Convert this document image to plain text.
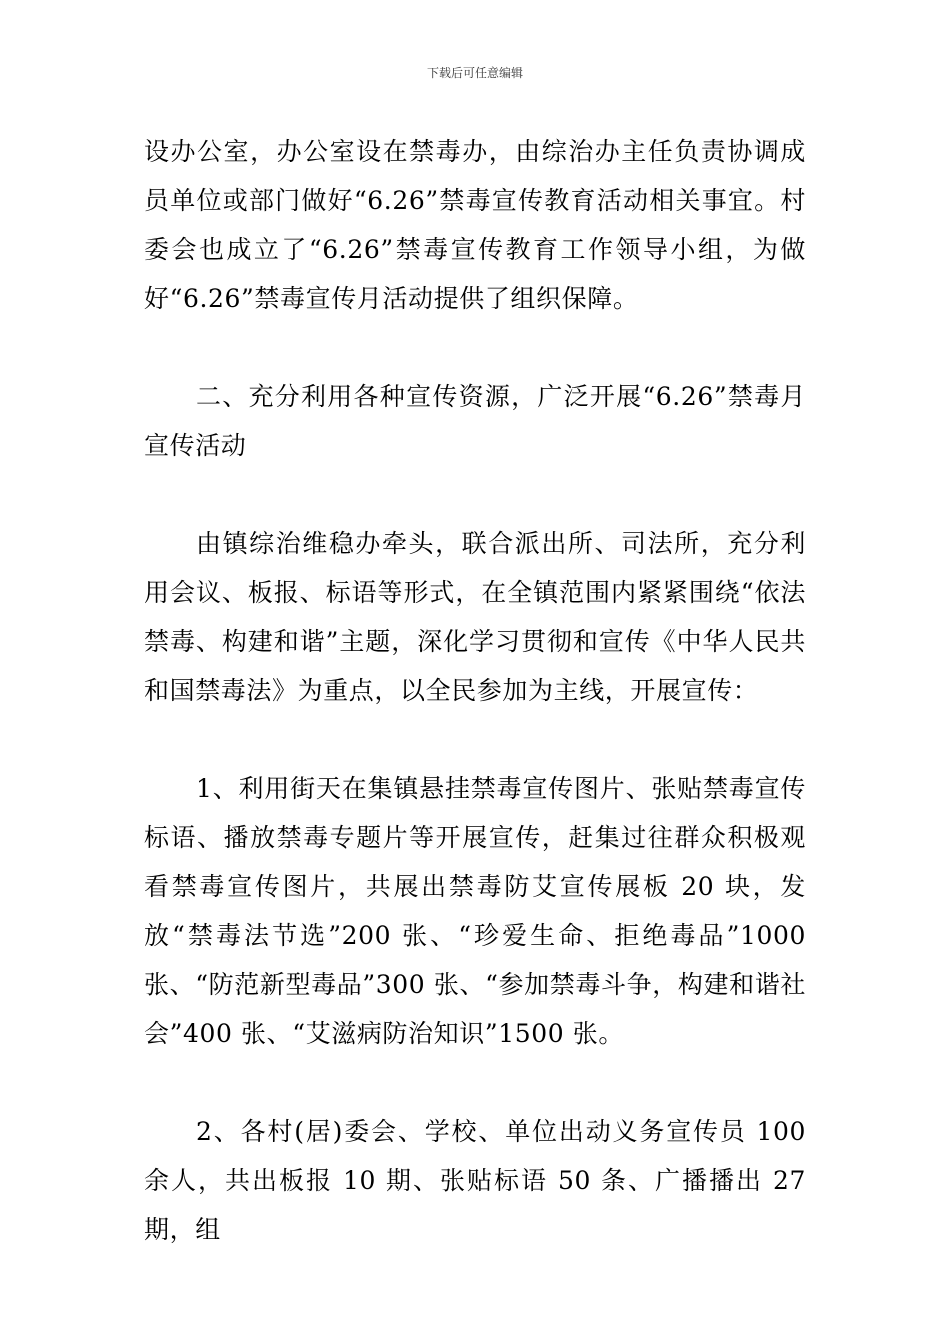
下载后可任意编辑

设办公室，办公室设在禁毒办，由综治办主任负责协调成员单位或部门做好“6.26”禁毒宣传教育活动相关事宜。村委会也成立了“6.26”禁毒宣传教育工作领导小组，为做好“6.26”禁毒宣传月活动提供了组织保障。

二、充分利用各种宣传资源，广泛开展“6.26”禁毒月宣传活动

由镇综治维稳办牵头，联合派出所、司法所，充分利用会议、板报、标语等形式，在全镇范围内紧紧围绕“依法禁毒、构建和谐”主题，深化学习贯彻和宣传《中华人民共和国禁毒法》为重点，以全民参加为主线，开展宣传：

1、利用街天在集镇悬挂禁毒宣传图片、张贴禁毒宣传标语、播放禁毒专题片等开展宣传，赶集过往群众积极观看禁毒宣传图片，共展出禁毒防艾宣传展板 20 块，发放“禁毒法节选”200 张、“珍爱生命、拒绝毒品”1000 张、“防范新型毒品”300 张、“参加禁毒斗争，构建和谐社会”400 张、“艾滋病防治知识”1500 张。

2、各村(居)委会、学校、单位出动义务宣传员 100 余人，共出板报 10 期、张贴标语 50 条、广播播出 27 期，组
